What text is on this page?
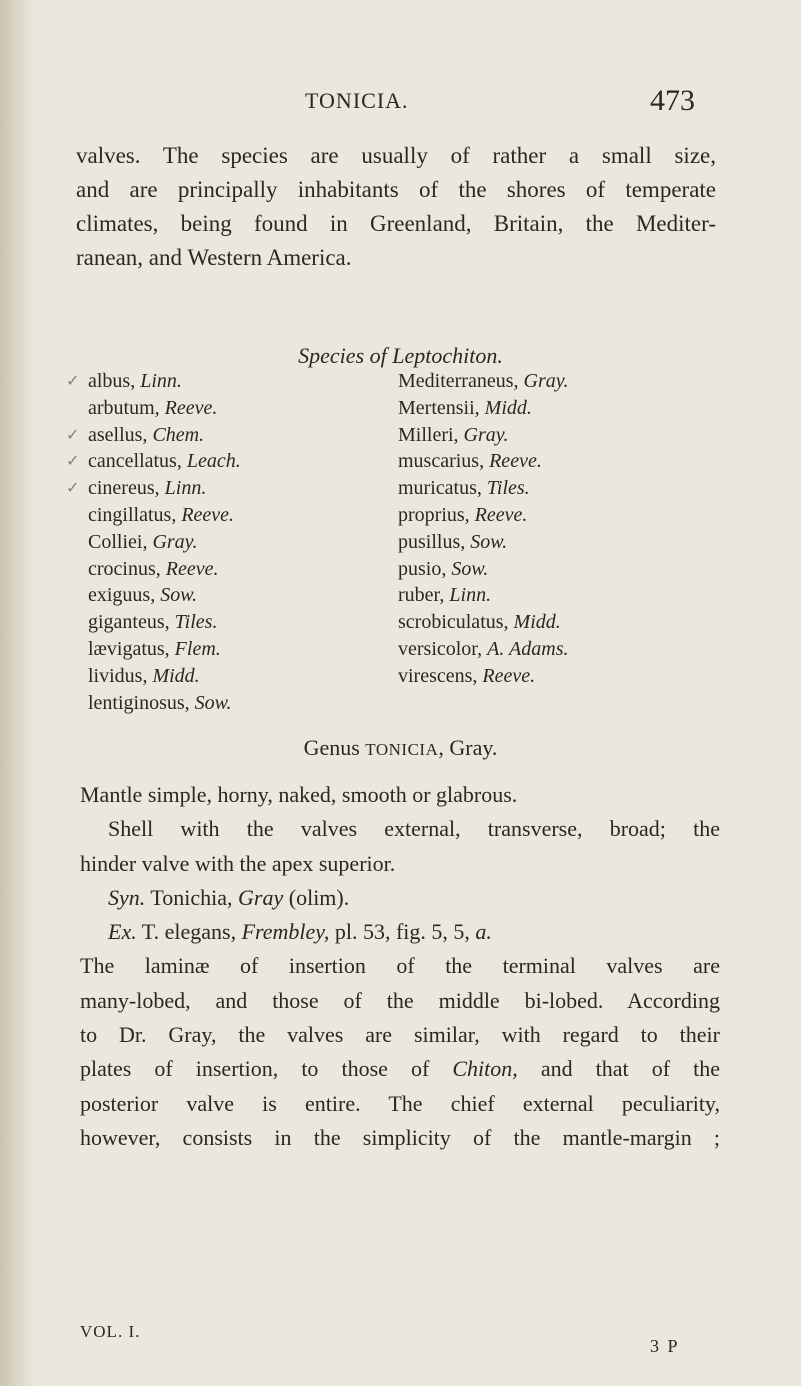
TONICIA.	473

valves. The species are usually of rather a small size,
and are principally inhabitants of the shores of temperate
climates, being found in Greenland, Britain, the Mediter-
ranean, and Western America.

Species of Leptochiton.
✓ albus, Linn.
arbutum, Reeve.
✓ asellus, Chem.
✓ cancellatus, Leach.
✓ cinereus, Linn.
cingillatus, Reeve.
Colliei, Gray.
crocinus, Reeve.
exiguus, Sow.
giganteus, Tiles.
lævigatus, Flem.
lividus, Midd.
lentiginosus, Sow.
Mediterraneus, Gray.
Mertensii, Midd.
Milleri, Gray.
muscarius, Reeve.
muricatus, Tiles.
proprius, Reeve.
pusillus, Sow.
pusio, Sow.
ruber, Linn.
scrobiculatus, Midd.
versicolor, A. Adams.
virescens, Reeve.
Genus TONICIA, Gray.

Mantle simple, horny, naked, smooth or glabrous.
Shell with the valves external, transverse, broad; the
hinder valve with the apex superior.
Syn. Tonichia, Gray (olim).
Ex. T. elegans, Frembley, pl. 53, fig. 5, 5, a.
The laminæ of insertion of the terminal valves are
many-lobed, and those of the middle bi-lobed. According
to Dr. Gray, the valves are similar, with regard to their
plates of insertion, to those of Chiton, and that of the
posterior valve is entire. The chief external peculiarity,
however, consists in the simplicity of the mantle-margin ;

VOL. I.
3 P
